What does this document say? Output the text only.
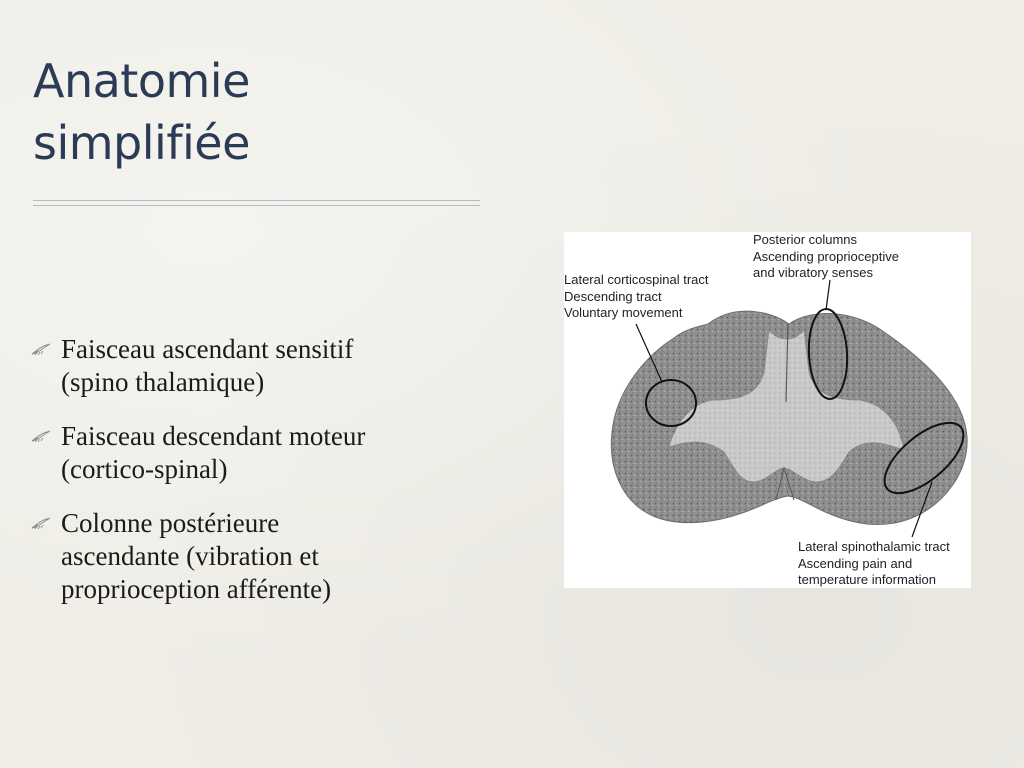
Anatomie
simplifiée
Faisceau ascendant sensitif
(spino thalamique)
Faisceau descendant moteur
(cortico-spinal)
Colonne postérieure
ascendante (vibration et
proprioception afférente)
Posterior columns
Ascending proprioceptive
and vibratory senses
Lateral corticospinal tract
Descending tract
Voluntary movement
Lateral spinothalamic tract
Ascending pain and
temperature information
